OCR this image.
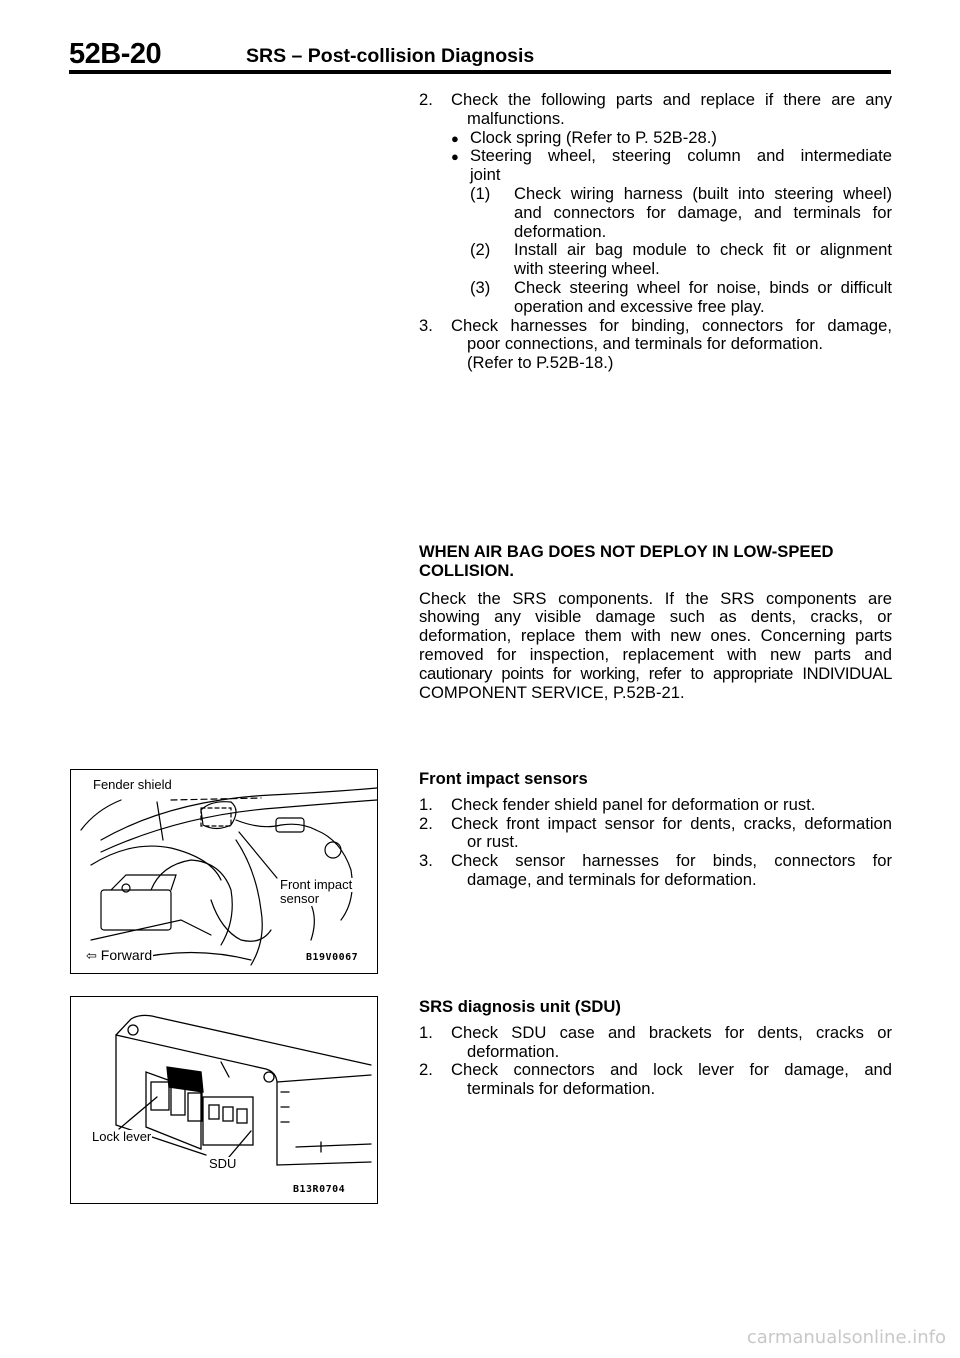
52B-20	SRS – Post-collision Diagnosis
2. Check the following parts and replace if there are any
malfunctions.
● Clock spring (Refer to P. 52B-28.)
● Steering wheel, steering column and intermediate
joint
(1) Check wiring harness (built into steering wheel)
and connectors for damage, and terminals for
deformation.
(2) Install air bag module to check fit or alignment
with steering wheel.
(3) Check steering wheel for noise, binds or difficult
operation and excessive free play.
3. Check harnesses for binding, connectors for damage,
poor connections, and terminals for deformation.
(Refer to P.52B-18.)
WHEN AIR BAG DOES NOT DEPLOY IN LOW-SPEED
COLLISION.
Check the SRS components. If the SRS components are
showing any visible damage such as dents, cracks, or
deformation, replace them with new ones. Concerning parts
removed for inspection, replacement with new parts and
cautionary points for working, refer to appropriate INDIVIDUAL
COMPONENT SERVICE, P.52B-21.
Front impact sensors
1.	Check fender shield panel for deformation or rust.
2. Check front impact sensor for dents, cracks, deformation
or rust.
3. Check sensor harnesses for binds, connectors for
damage, and terminals for deformation.
SRS diagnosis unit (SDU)
1. Check SDU case and brackets for dents, cracks or
deformation.
2. Check connectors and lock lever for damage, and
terminals for deformation.
Fender shield
Front impact
sensor
⇦ Forward	B19V0067
Lock lever
SDU
B13R0704
carmanualsonline.info
